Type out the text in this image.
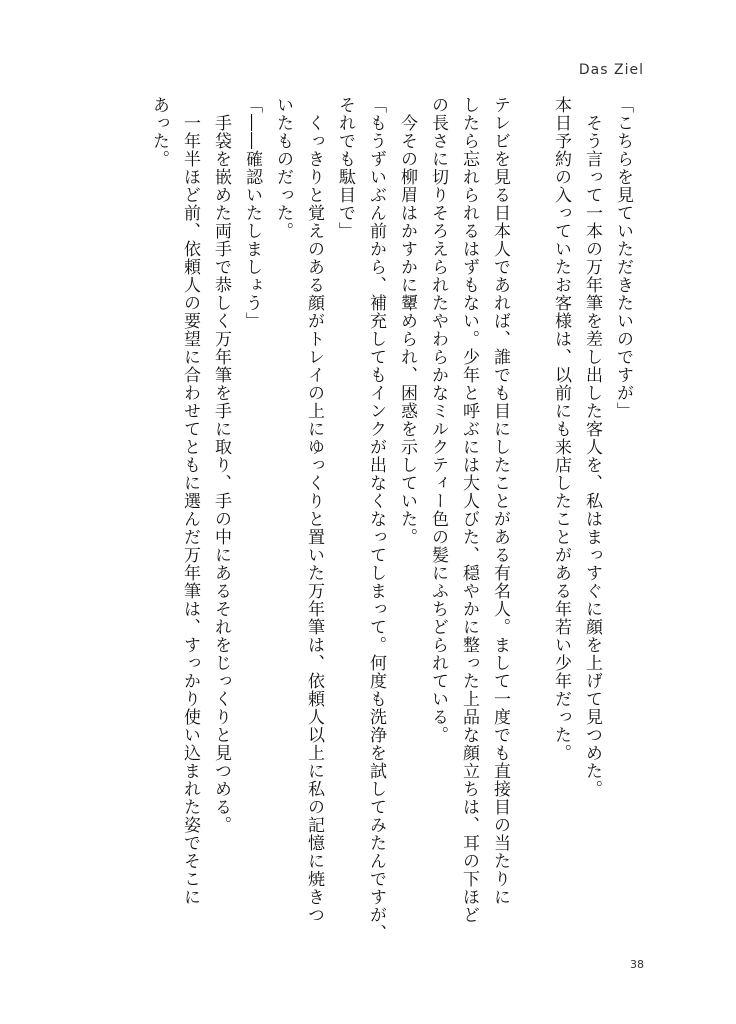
Das Ziel
「こちらを見ていただきたいのですが」
　そう言って一本の万年筆を差し出した客人を、私はまっすぐに顔を上げて見つめた。
本日予約の入っていたお客様は、以前にも来店したことがある年若い少年だった。
テレビを見る日本人であれば、誰でも目にしたことがある有名人。まして一度でも直接目の当たりに
したら忘れられるはずもない。少年と呼ぶには大人びた、穏やかに整った上品な顔立ちは、耳の下ほど
の長さに切りそろえられたやわらかなミルクティー色の髪にふちどられている。
　今その柳眉はかすかに顰められ、困惑を示していた。
「もうずいぶん前から、補充してもインクが出なくなってしまって。何度も洗浄を試してみたんですが、
それでも駄目で」
　くっきりと覚えのある顔がトレイの上にゆっくりと置いた万年筆は、依頼人以上に私の記憶に焼きつ
いたものだった。
「――確認いたしましょう」
　手袋を嵌めた両手で恭しく万年筆を手に取り、手の中にあるそれをじっくりと見つめる。
　一年半ほど前、依頼人の要望に合わせてともに選んだ万年筆は、すっかり使い込まれた姿でそこに
あった。
38
